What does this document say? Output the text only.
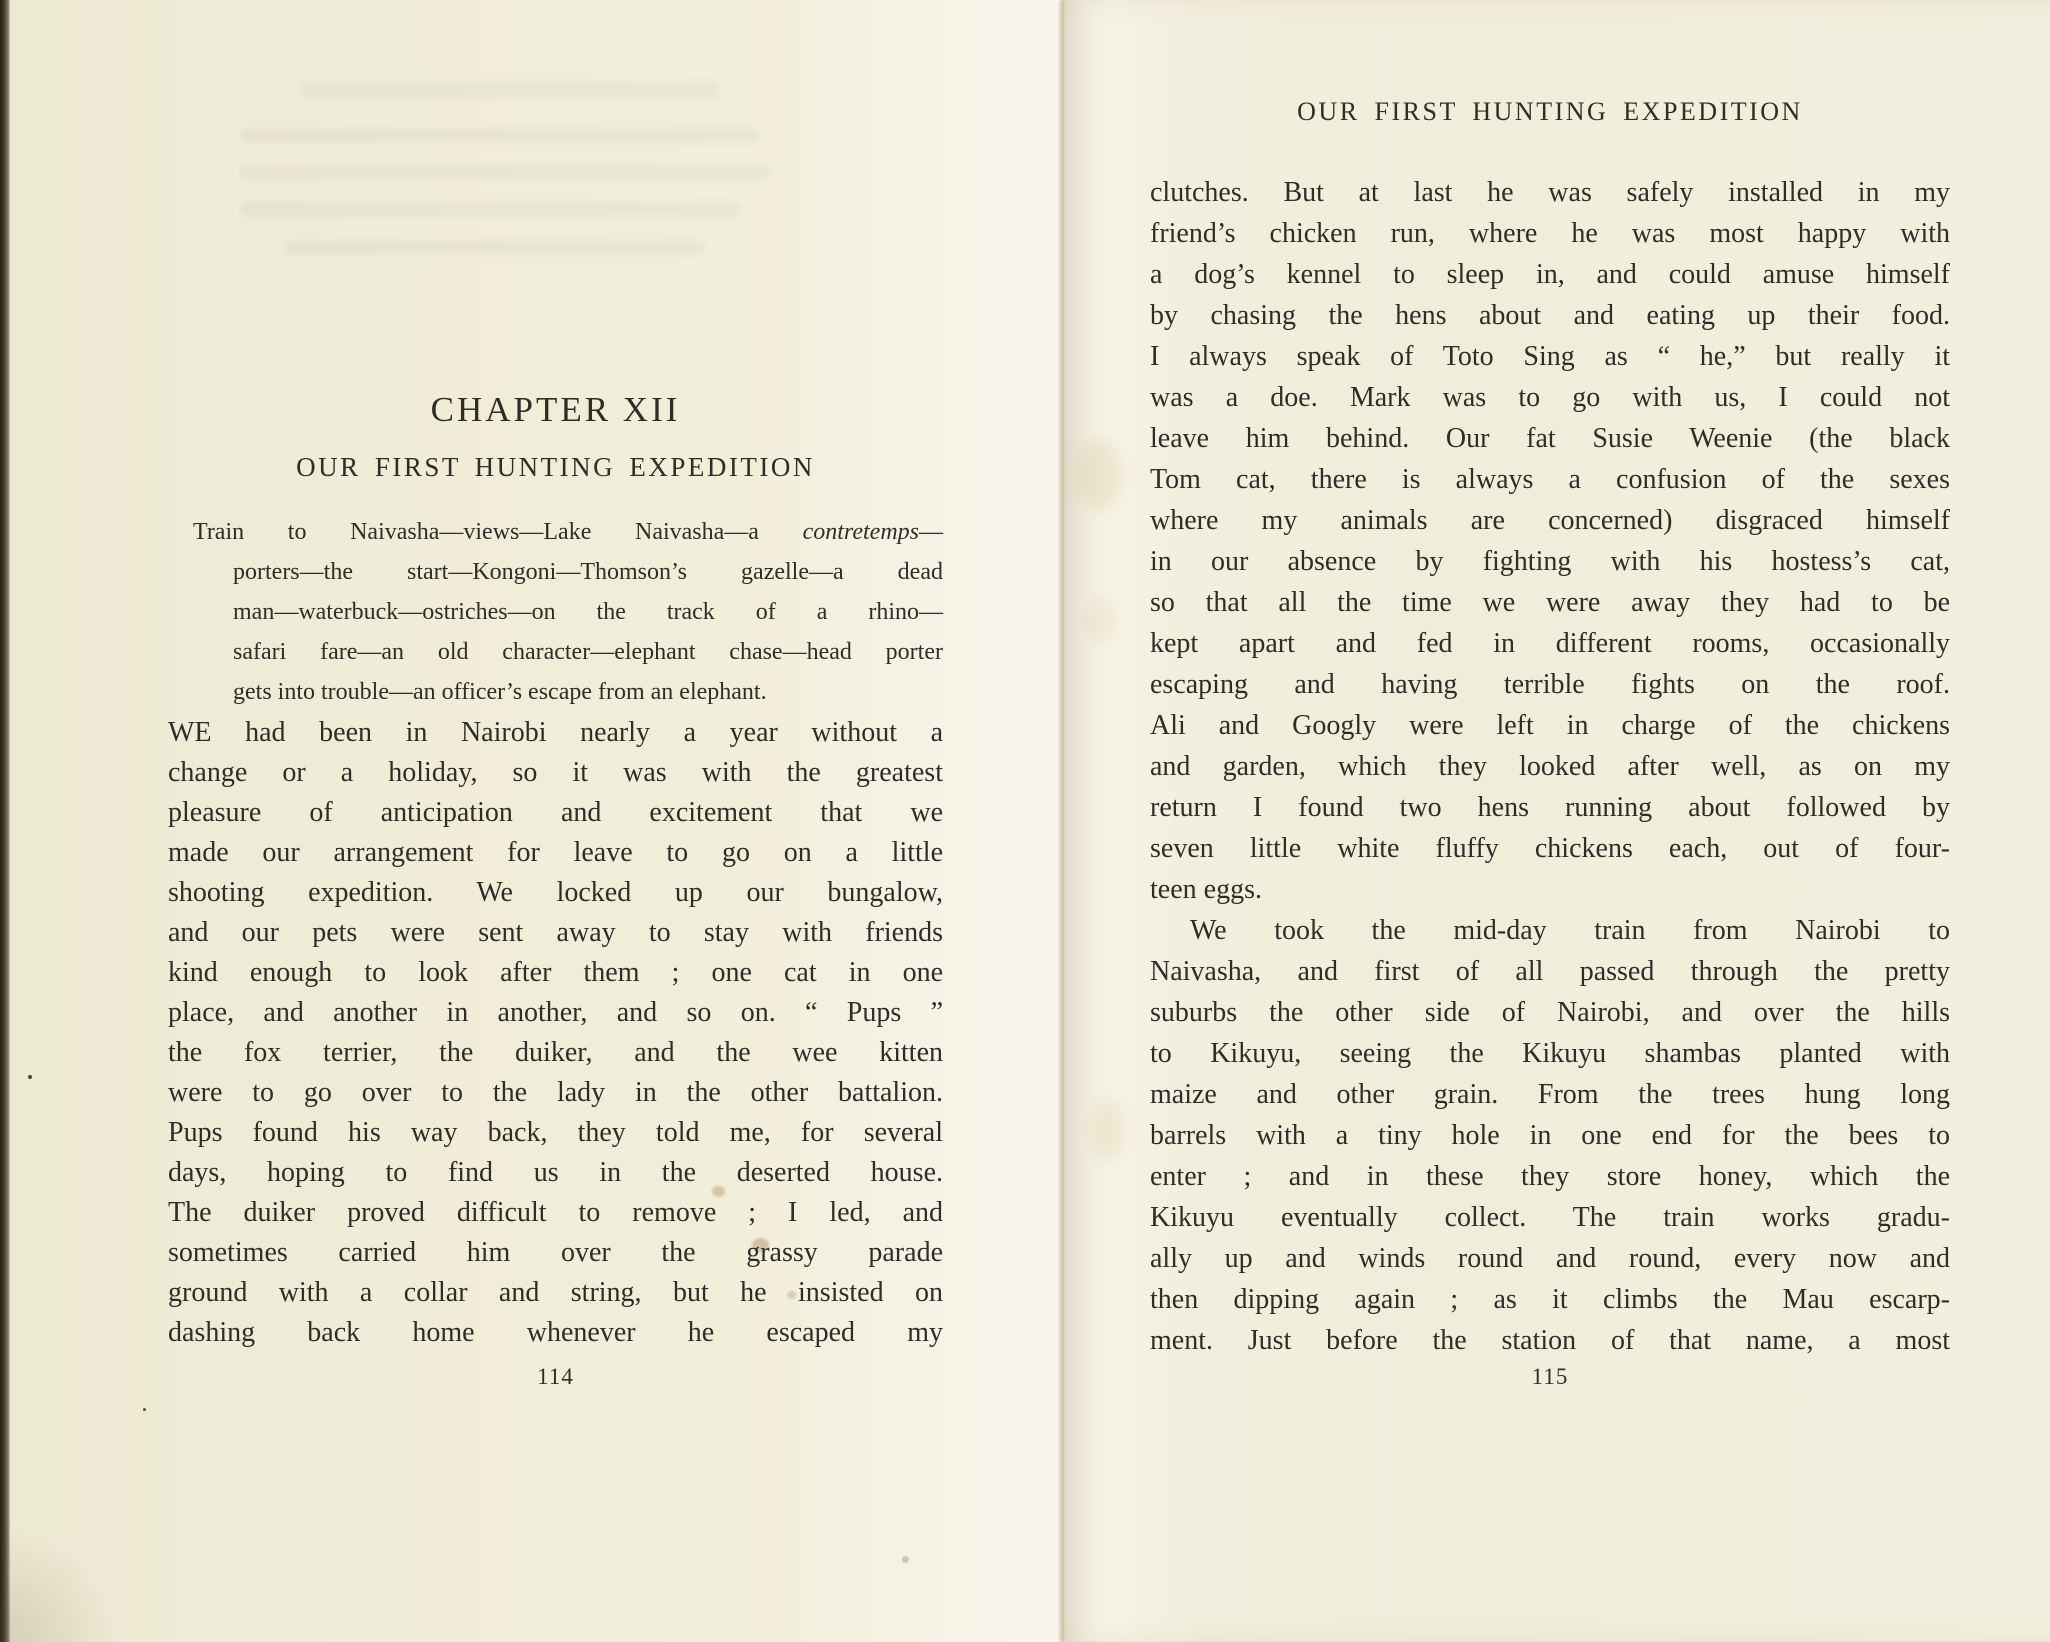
CHAPTER XII
OUR FIRST HUNTING EXPEDITION
Train to Naivasha—views—Lake Naivasha—a contretemps—
porters—the start—Kongoni—Thomson’s gazelle—a dead
man—waterbuck—ostriches—on the track of a rhino—
safari fare—an old character—elephant chase—head porter
gets into trouble—an officer’s escape from an elephant.
WE had been in Nairobi nearly a year without a
change or a holiday, so it was with the greatest
pleasure of anticipation and excitement that we
made our arrangement for leave to go on a little
shooting expedition. We locked up our bungalow,
and our pets were sent away to stay with friends
kind enough to look after them ; one cat in one
place, and another in another, and so on. “ Pups ”
the fox terrier, the duiker, and the wee kitten
were to go over to the lady in the other battalion.
Pups found his way back, they told me, for several
days, hoping to find us in the deserted house.
The duiker proved difficult to remove ; I led, and
sometimes carried him over the grassy parade
ground with a collar and string, but he insisted on
dashing back home whenever he escaped my
114
OUR FIRST HUNTING EXPEDITION
clutches. But at last he was safely installed in my
friend’s chicken run, where he was most happy with
a dog’s kennel to sleep in, and could amuse himself
by chasing the hens about and eating up their food.
I always speak of Toto Sing as “ he,” but really it
was a doe. Mark was to go with us, I could not
leave him behind. Our fat Susie Weenie (the black
Tom cat, there is always a confusion of the sexes
where my animals are concerned) disgraced himself
in our absence by fighting with his hostess’s cat,
so that all the time we were away they had to be
kept apart and fed in different rooms, occasionally
escaping and having terrible fights on the roof.
Ali and Googly were left in charge of the chickens
and garden, which they looked after well, as on my
return I found two hens running about followed by
seven little white fluffy chickens each, out of four-
teen eggs.
We took the mid-day train from Nairobi to
Naivasha, and first of all passed through the pretty
suburbs the other side of Nairobi, and over the hills
to Kikuyu, seeing the Kikuyu shambas planted with
maize and other grain. From the trees hung long
barrels with a tiny hole in one end for the bees to
enter ; and in these they store honey, which the
Kikuyu eventually collect. The train works gradu-
ally up and winds round and round, every now and
then dipping again ; as it climbs the Mau escarp-
ment. Just before the station of that name, a most
115
